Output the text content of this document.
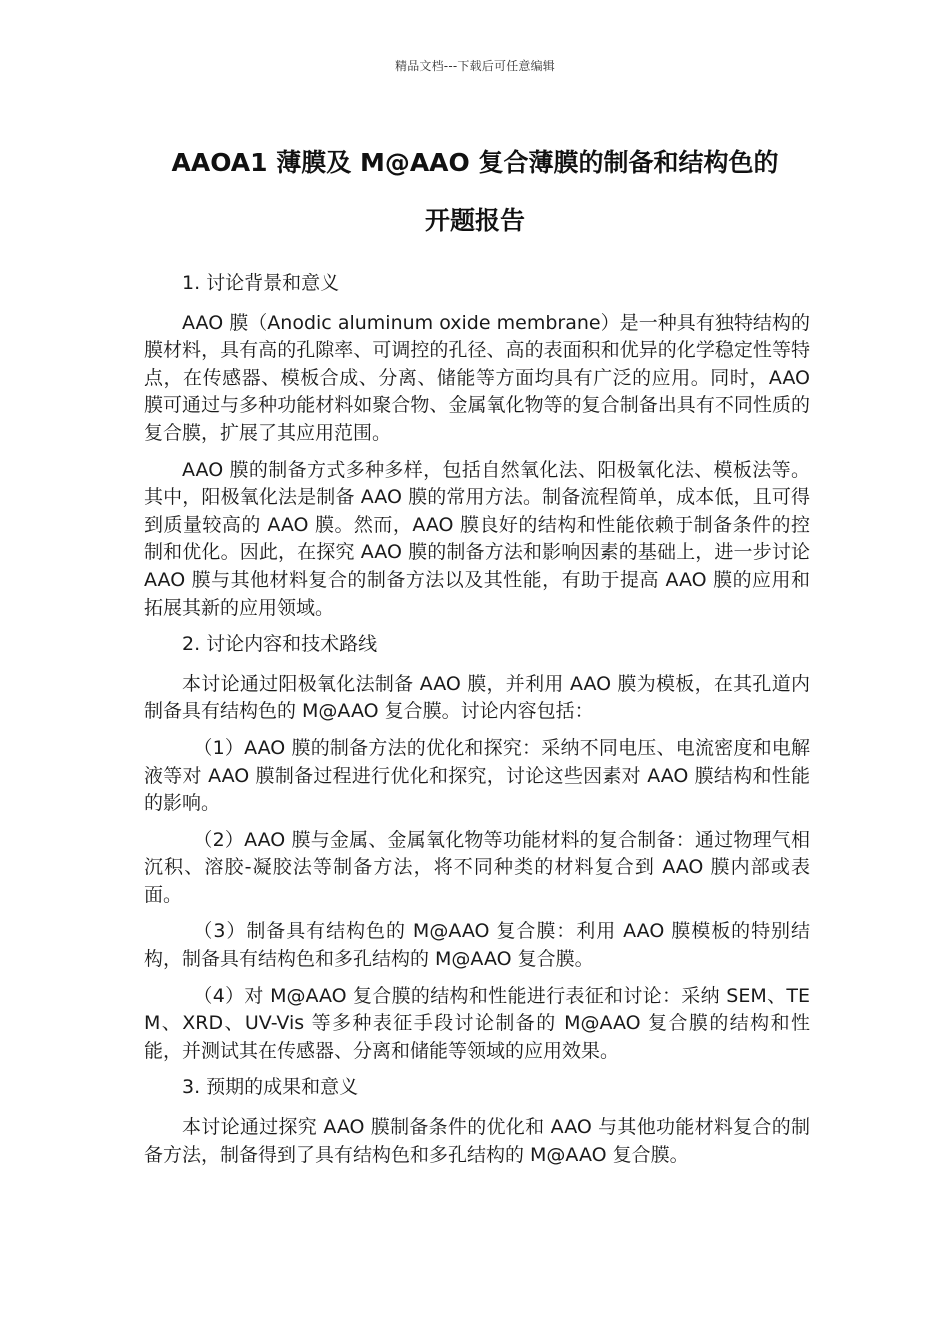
精品文档---下载后可任意编辑
AAOA1 薄膜及 M@AAO 复合薄膜的制备和结构色的
开题报告

1. 讨论背景和意义

AAO 膜（Anodic aluminum oxide membrane）是一种具有独特结构的膜材料，具有高的孔隙率、可调控的孔径、高的表面积和优异的化学稳定性等特点，在传感器、模板合成、分离、储能等方面均具有广泛的应用。同时，AAO 膜可通过与多种功能材料如聚合物、金属氧化物等的复合制备出具有不同性质的复合膜，扩展了其应用范围。

AAO 膜的制备方式多种多样，包括自然氧化法、阳极氧化法、模板法等。其中，阳极氧化法是制备 AAO 膜的常用方法。制备流程简单，成本低，且可得到质量较高的 AAO 膜。然而，AAO 膜良好的结构和性能依赖于制备条件的控制和优化。因此，在探究 AAO 膜的制备方法和影响因素的基础上，进一步讨论 AAO 膜与其他材料复合的制备方法以及其性能，有助于提高 AAO 膜的应用和拓展其新的应用领域。

2. 讨论内容和技术路线

本讨论通过阳极氧化法制备 AAO 膜，并利用 AAO 膜为模板，在其孔道内制备具有结构色的 M@AAO 复合膜。讨论内容包括：

（1）AAO 膜的制备方法的优化和探究：采纳不同电压、电流密度和电解液等对 AAO 膜制备过程进行优化和探究，讨论这些因素对 AAO 膜结构和性能的影响。

（2）AAO 膜与金属、金属氧化物等功能材料的复合制备：通过物理气相沉积、溶胶-凝胶法等制备方法，将不同种类的材料复合到 AAO 膜内部或表面。

（3）制备具有结构色的 M@AAO 复合膜：利用 AAO 膜模板的特别结构，制备具有结构色和多孔结构的 M@AAO 复合膜。

（4）对 M@AAO 复合膜的结构和性能进行表征和讨论：采纳 SEM、TEM、XRD、UV-Vis 等多种表征手段讨论制备的 M@AAO 复合膜的结构和性能，并测试其在传感器、分离和储能等领域的应用效果。

3. 预期的成果和意义

本讨论通过探究 AAO 膜制备条件的优化和 AAO 与其他功能材料复合的制备方法，制备得到了具有结构色和多孔结构的 M@AAO 复合膜。
